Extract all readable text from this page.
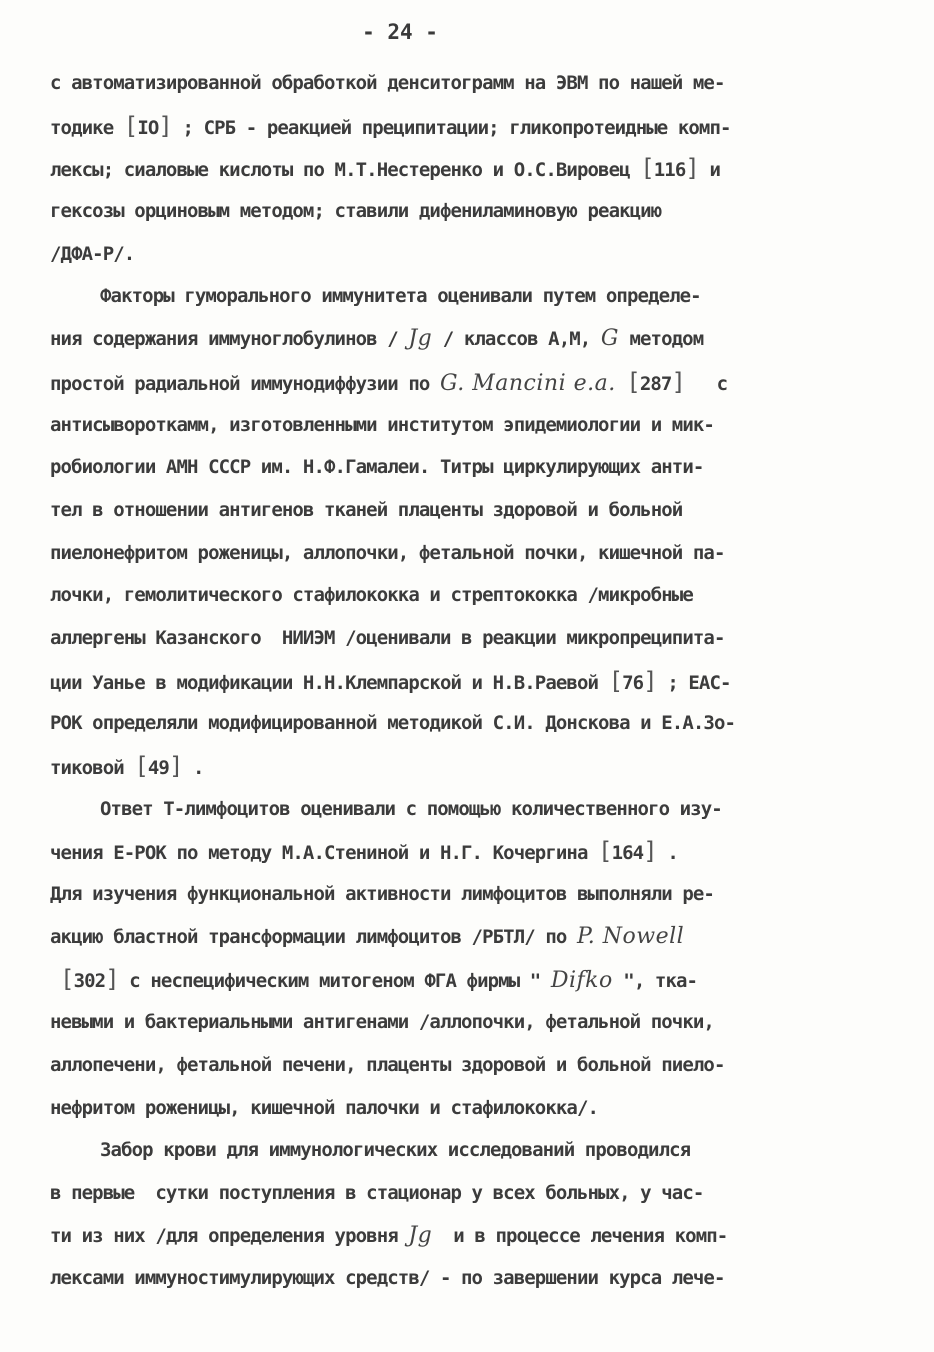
- 24 -
с автоматизированной обработкой денситограмм на ЭВМ по нашей ме-
тодике [IO] ; СРБ - реакцией преципитации; гликопротеидные комп-
лексы; сиаловые кислоты по М.Т.Нестеренко и О.С.Вировец [116] и
гексозы орциновым методом; ставили дифениламиновую реакцию
/ДФА-Р/.
Факторы гуморального иммунитета оценивали путем определе-
ния содержания иммуноглобулинов / Jg / классов А,М, G методом
простой радиальной иммунодиффузии по G. Mancini e.a. [287]   с
антисывороткамм, изготовленными институтом эпидемиологии и мик-
робиологии АМН СССР им. Н.Ф.Гамалеи. Титры циркулирующих анти-
тел в отношении антигенов тканей плаценты здоровой и больной
пиелонефритом роженицы, аллопочки, фетальной почки, кишечной па-
лочки, гемолитического стафилококка и стрептококка /микробные
аллергены Казанского  НИИЭМ /оценивали в реакции микропреципита-
ции Уанье в модификации Н.Н.Клемпарской и Н.В.Раевой [76] ; ЕАС-
РОК определяли модифицированной методикой С.И. Донскова и Е.А.Зо-
тиковой [49] .
Ответ Т-лимфоцитов оценивали с помощью количественного изу-
чения Е-РОК по методу М.А.Стениной и Н.Г. Кочергина [164] .
Для изучения функциональной активности лимфоцитов выполняли ре-
акцию бластной трансформации лимфоцитов /РБТЛ/ по P. Nowell
[302] с неспецифическим митогеном ФГА фирмы " Difko ", тка-
невыми и бактериальными антигенами /аллопочки, фетальной почки,
аллопечени, фетальной печени, плаценты здоровой и больной пиело-
нефритом роженицы, кишечной палочки и стафилококка/.
Забор крови для иммунологических исследований проводился
в первые  сутки поступления в стационар у всех больных, у час-
ти из них /для определения уровня Jg  и в процессе лечения комп-
лексами иммуностимулирующих средств/ - по завершении курса лече-
